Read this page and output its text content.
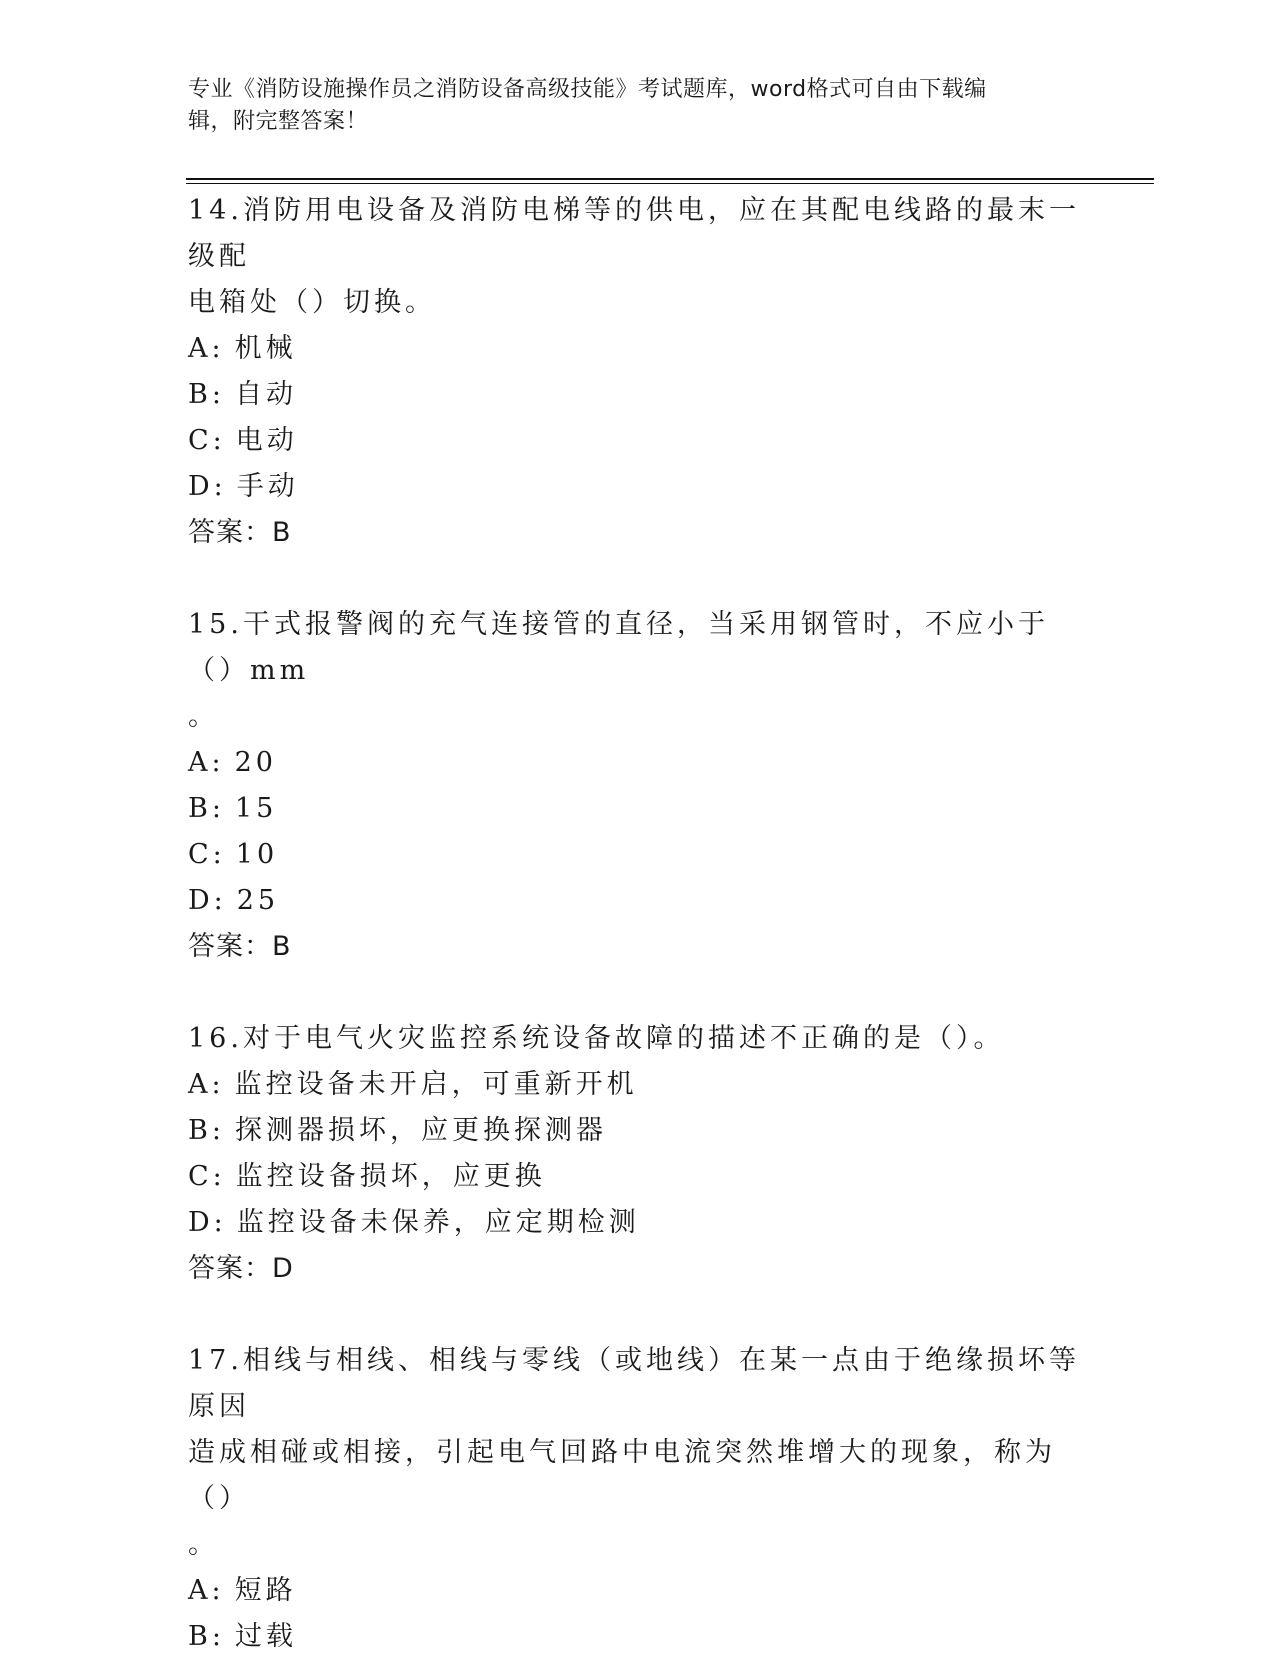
专业《消防设施操作员之消防设备高级技能》考试题库，word格式可自由下载编
辑，附完整答案！

14.消防用电设备及消防电梯等的供电，应在其配电线路的最末一级配

电箱处（）切换。

A: 机械

B: 自动

C: 电动

D: 手动

答案：B

15.干式报警阀的充气连接管的直径，当采用钢管时，不应小于（）mm

。

A: 20

B: 15

C: 10

D: 25

答案：B

16.对于电气火灾监控系统设备故障的描述不正确的是（）。

A: 监控设备未开启，可重新开机

B: 探测器损坏，应更换探测器

C: 监控设备损坏，应更换

D: 监控设备未保养，应定期检测

答案：D

17.相线与相线、相线与零线（或地线）在某一点由于绝缘损坏等原因

造成相碰或相接，引起电气回路中电流突然堆增大的现象，称为（）

。

A: 短路

B: 过载
